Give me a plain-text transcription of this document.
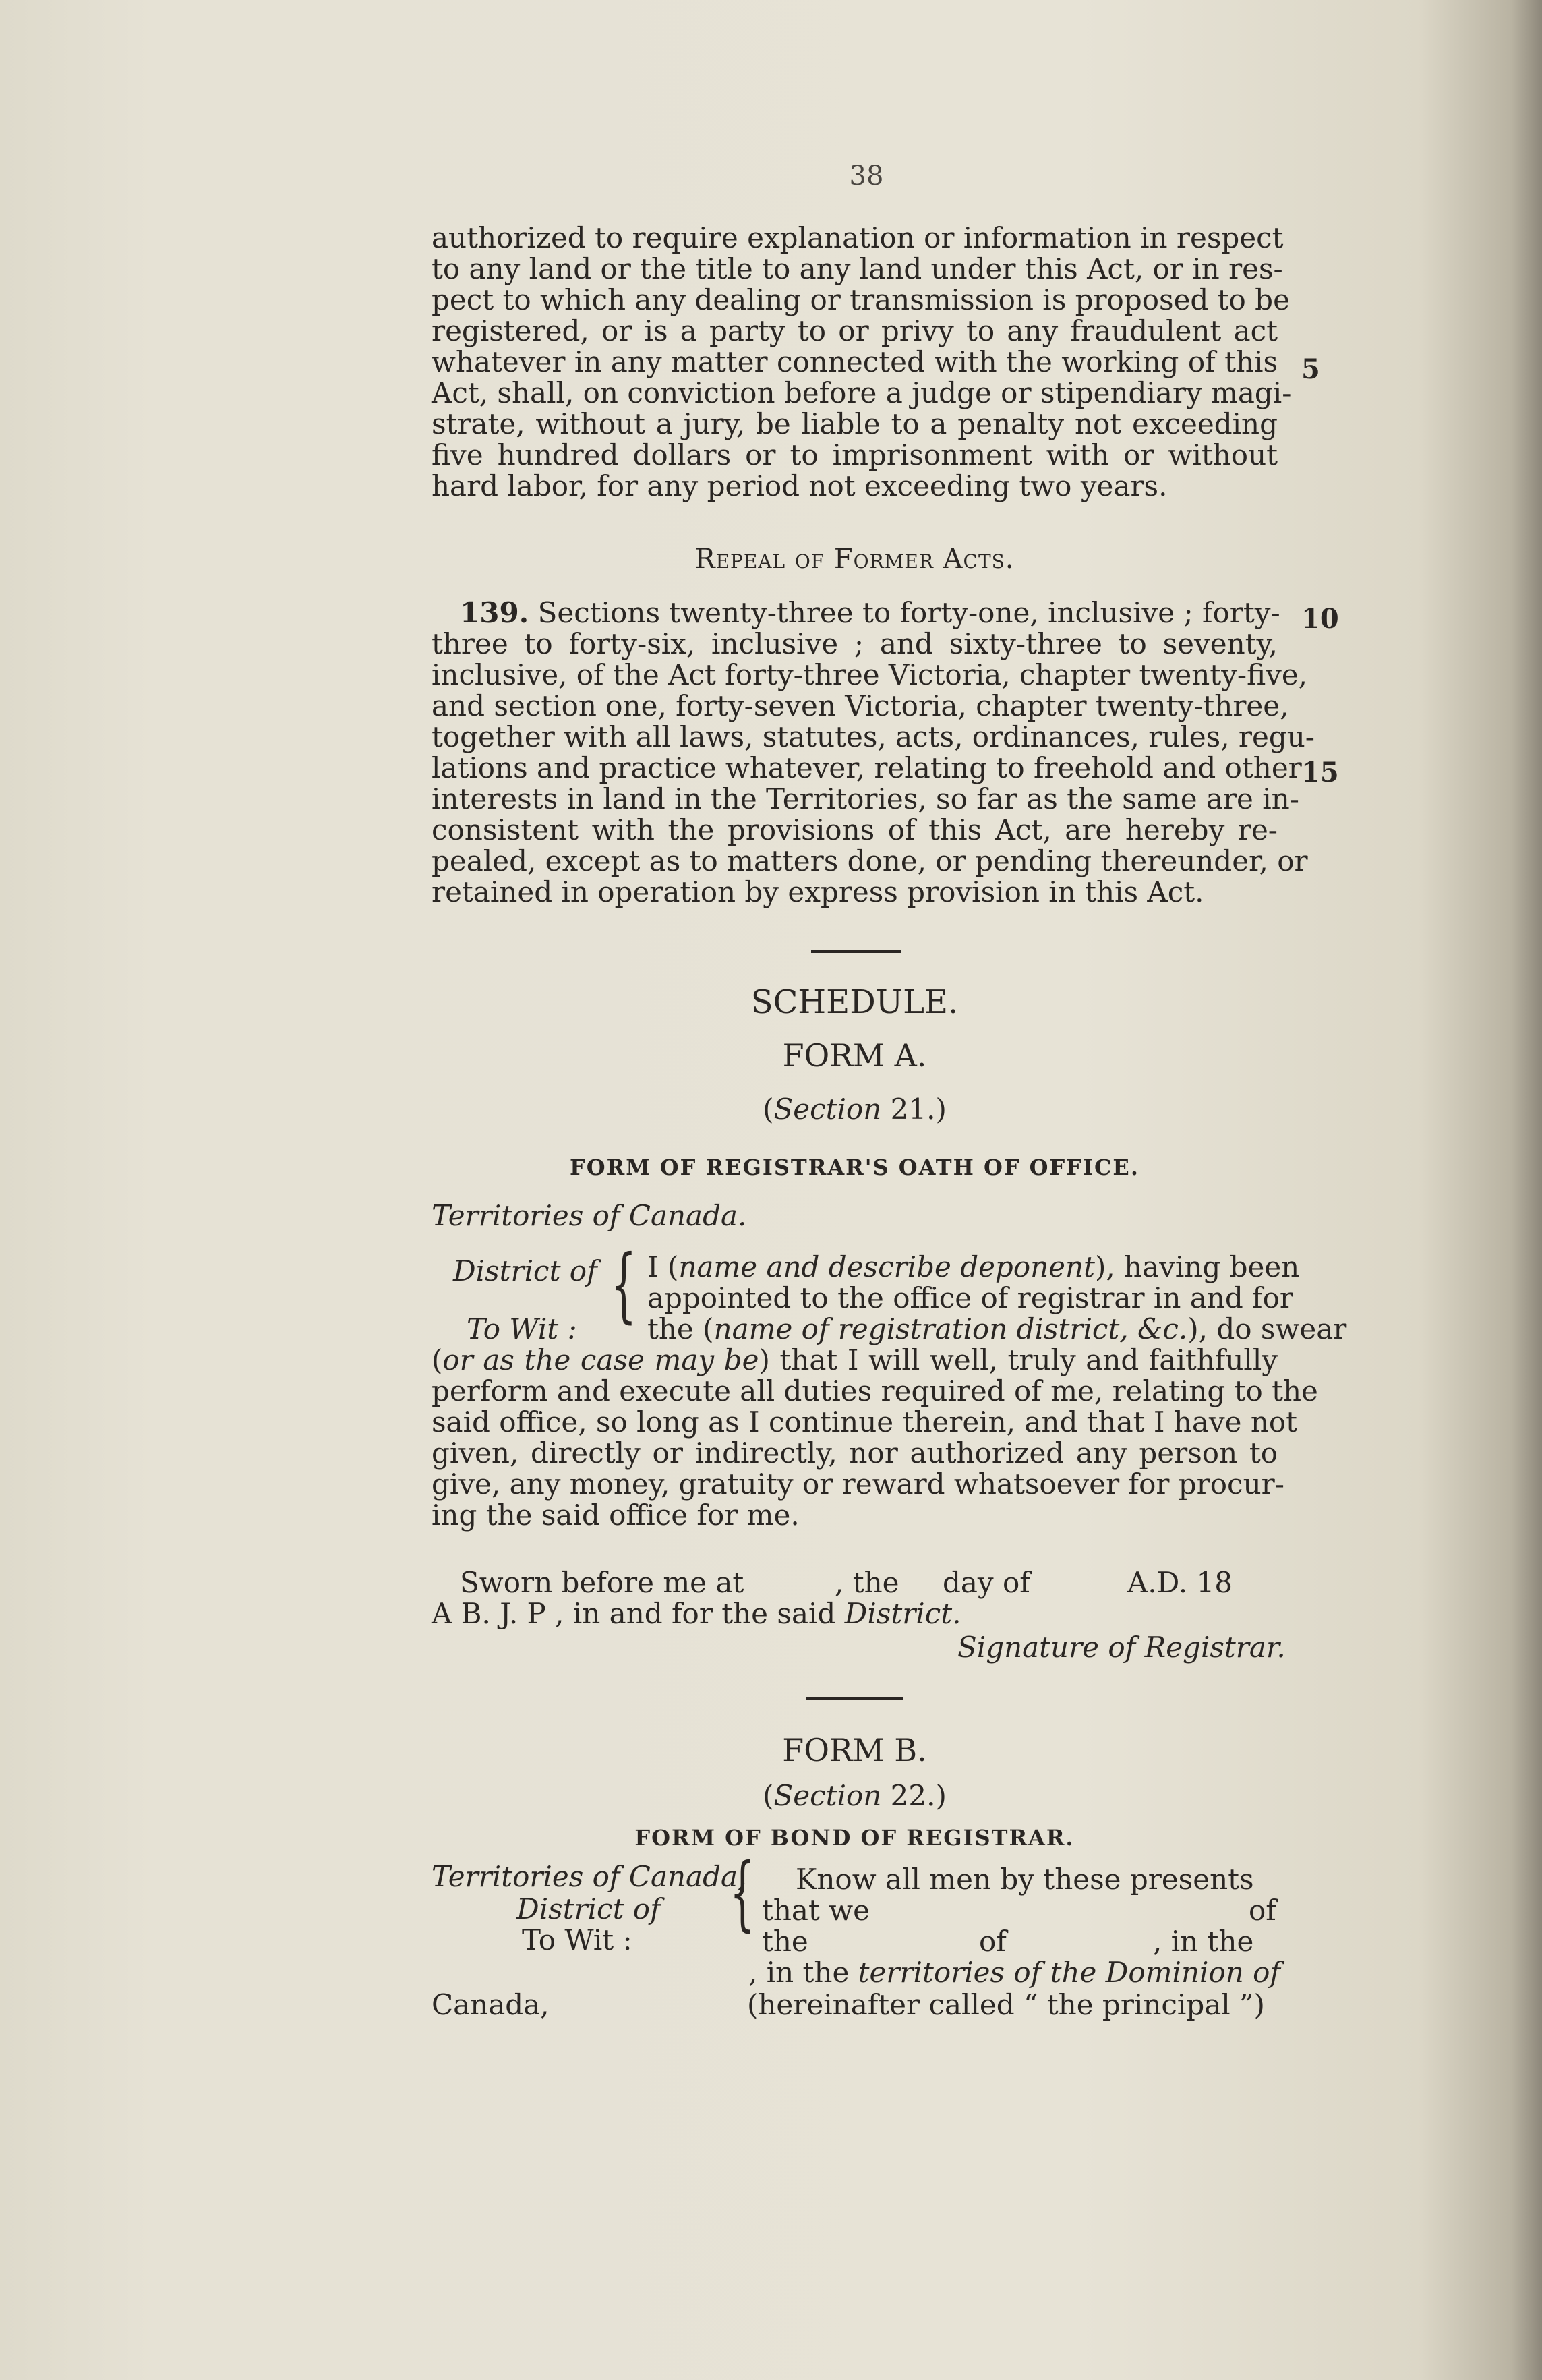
38
authorized to require explanation or information in respect
to any land or the title to any land under this Act, or in res-
pect to which any dealing or transmission is proposed to be
registered, or is a party to or privy to any fraudulent act
whatever in any matter connected with the working of this
Act, shall, on conviction before a judge or stipendiary magi-
strate, without a jury, be liable to a penalty not exceeding
five hundred dollars or to imprisonment with or without
hard labor, for any period not exceeding two years.
5
Repeal of Former Acts.
 139. Sections twenty-three to forty-one, inclusive ; forty-
three to forty-six, inclusive ; and sixty-three to seventy,
inclusive, of the Act forty-three Victoria, chapter twenty-five,
and section one, forty-seven Victoria, chapter twenty-three,
together with all laws, statutes, acts, ordinances, rules, regu-
lations and practice whatever, relating to freehold and other
interests in land in the Territories, so far as the same are in-
consistent with the provisions of this Act, are hereby re-
pealed, except as to matters done, or pending thereunder, or
retained in operation by express provision in this Act.
10
15
SCHEDULE.
FORM A.
(Section 21.)
FORM OF REGISTRAR'S OATH OF OFFICE.
Territories of Canada.
District of
To Wit : { I (name and describe deponent), having been
appointed to the office of registrar in and for
the (name of registration district, &c.), do swear
(or as the case may be) that I will well, truly and faithfully
perform and execute all duties required of me, relating to the
said office, so long as I continue therein, and that I have not
given, directly or indirectly, nor authorized any person to
give, any money, gratuity or reward whatsoever for procur-
ing the said office for me.
Sworn before me at	, the day of	A.D. 18
A B. J. P , in and for the said District.
Signature of Registrar.
FORM B.
(Section 22.)
FORM OF BOND OF REGISTRAR.
Territories of Canada,
District of
To Wit : { Know all men by these presents
that we	of
the	of	, in the
, in the territories of the Dominion of
Canada,	(hereinafter called “ the principal ”)
